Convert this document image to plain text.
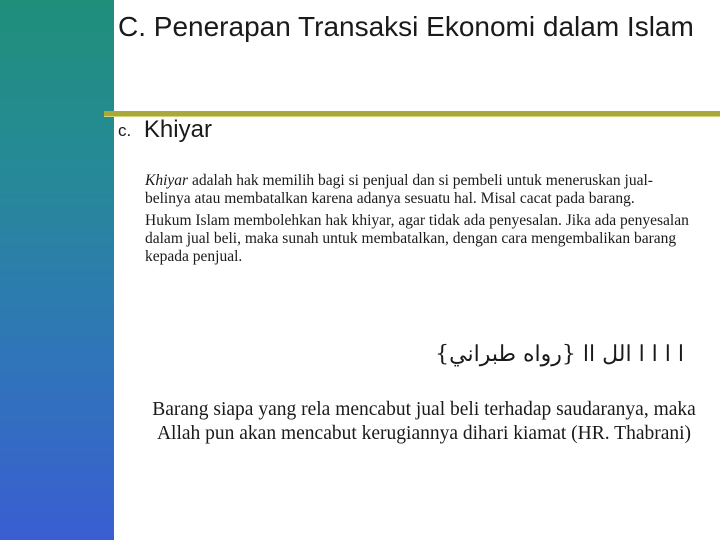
C. Penerapan Transaksi Ekonomi dalam Islam
c. Khiyar

Khiyar adalah hak memilih bagi si penjual dan si pembeli untuk meneruskan jual-belinya atau membatalkan karena adanya sesuatu hal. Misal cacat pada barang.

Hukum Islam membolehkan hak khiyar, agar tidak ada penyesalan. Jika ada penyesalan dalam jual beli, maka sunah untuk membatalkan, dengan cara mengembalikan barang kepada penjual.

ا ا ا ا الل اا {رواه طبراني}
Barang siapa yang rela mencabut jual beli terhadap saudaranya, maka Allah pun akan mencabut kerugiannya dihari kiamat (HR. Thabrani)
